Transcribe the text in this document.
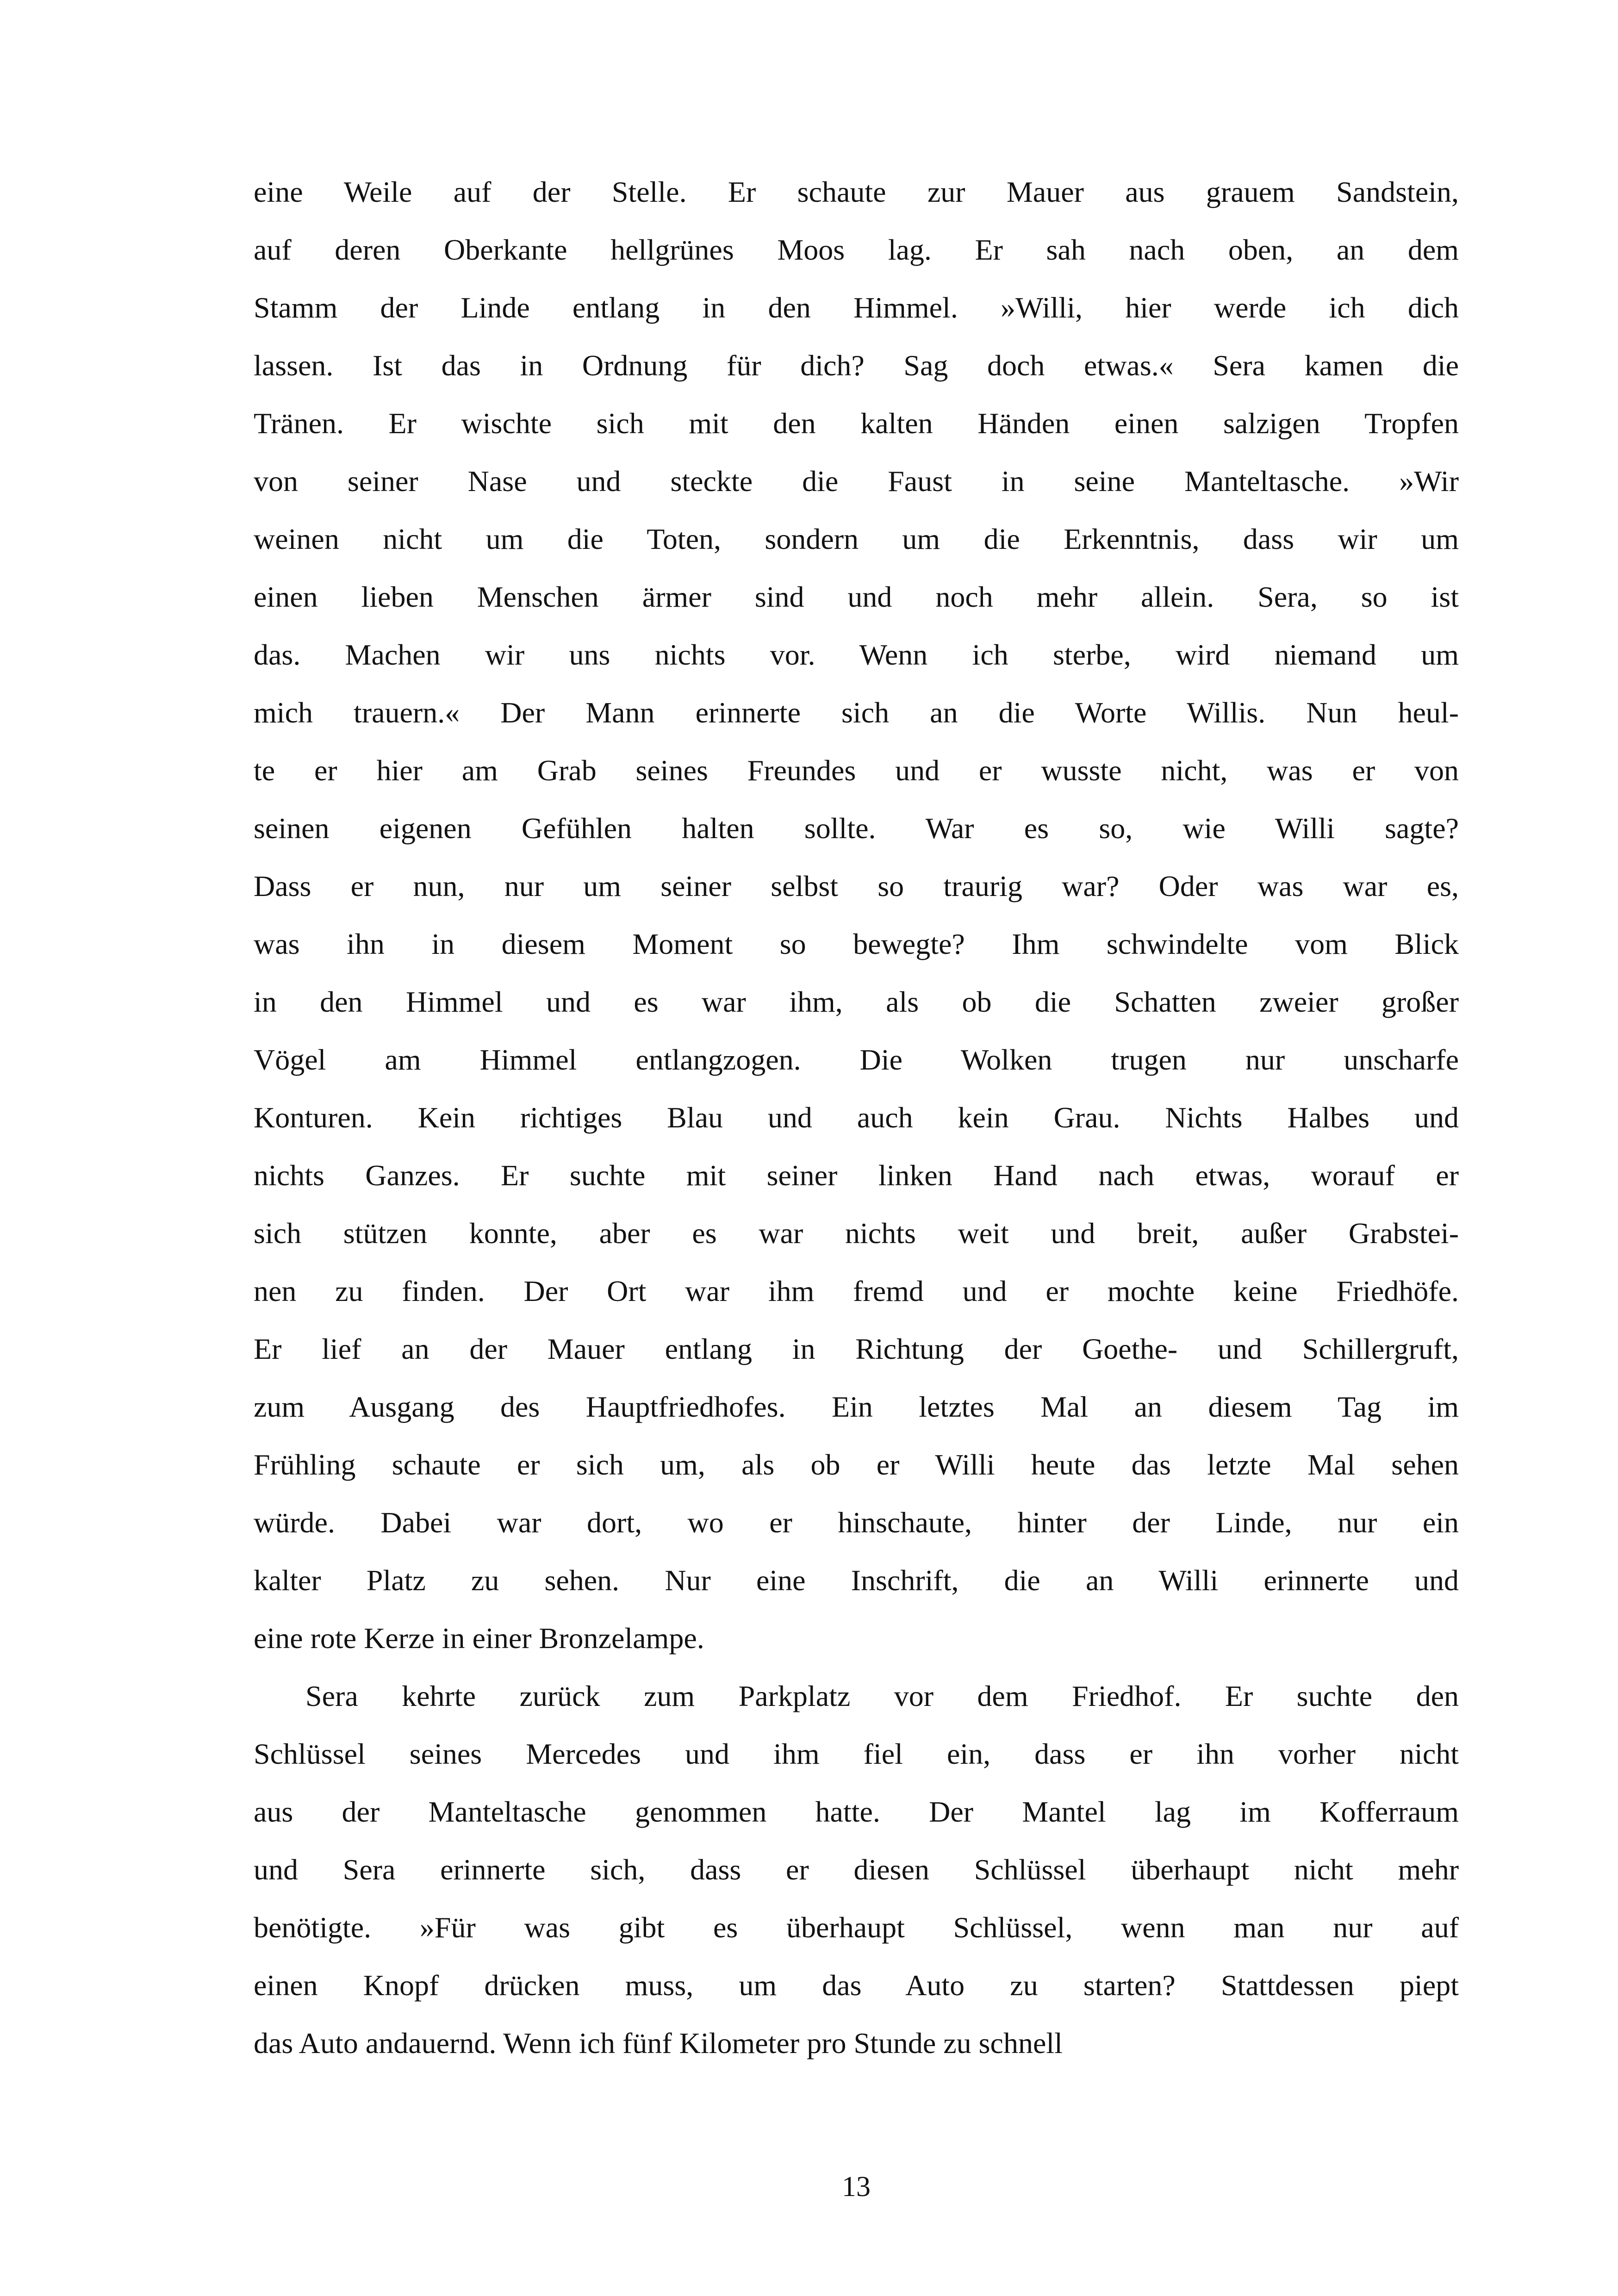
eine Weile auf der Stelle. Er schaute zur Mauer aus grauem Sandstein,
auf deren Oberkante hellgrünes Moos lag. Er sah nach oben, an dem
Stamm der Linde entlang in den Himmel. »Willi, hier werde ich dich
lassen. Ist das in Ordnung für dich? Sag doch etwas.« Sera kamen die
Tränen. Er wischte sich mit den kalten Händen einen salzigen Tropfen
von seiner Nase und steckte die Faust in seine Manteltasche. »Wir
weinen nicht um die Toten, sondern um die Erkenntnis, dass wir um
einen lieben Menschen ärmer sind und noch mehr allein. Sera, so ist
das. Machen wir uns nichts vor. Wenn ich sterbe, wird niemand um
mich trauern.« Der Mann erinnerte sich an die Worte Willis. Nun heul-
te er hier am Grab seines Freundes und er wusste nicht, was er von
seinen eigenen Gefühlen halten sollte. War es so, wie Willi sagte?
Dass er nun, nur um seiner selbst so traurig war? Oder was war es,
was ihn in diesem Moment so bewegte? Ihm schwindelte vom Blick
in den Himmel und es war ihm, als ob die Schatten zweier großer
Vögel am Himmel entlangzogen. Die Wolken trugen nur unscharfe
Konturen. Kein richtiges Blau und auch kein Grau. Nichts Halbes und
nichts Ganzes. Er suchte mit seiner linken Hand nach etwas, worauf er
sich stützen konnte, aber es war nichts weit und breit, außer Grabstei-
nen zu finden. Der Ort war ihm fremd und er mochte keine Friedhöfe.
Er lief an der Mauer entlang in Richtung der Goethe- und Schillergruft,
zum Ausgang des Hauptfriedhofes. Ein letztes Mal an diesem Tag im
Frühling schaute er sich um, als ob er Willi heute das letzte Mal sehen
würde. Dabei war dort, wo er hinschaute, hinter der Linde, nur ein
kalter Platz zu sehen. Nur eine Inschrift, die an Willi erinnerte und
eine rote Kerze in einer Bronzelampe.
Sera kehrte zurück zum Parkplatz vor dem Friedhof. Er suchte den
Schlüssel seines Mercedes und ihm fiel ein, dass er ihn vorher nicht
aus der Manteltasche genommen hatte. Der Mantel lag im Kofferraum
und Sera erinnerte sich, dass er diesen Schlüssel überhaupt nicht mehr
benötigte. »Für was gibt es überhaupt Schlüssel, wenn man nur auf
einen Knopf drücken muss, um das Auto zu starten? Stattdessen piept
das Auto andauernd. Wenn ich fünf Kilometer pro Stunde zu schnell
13
